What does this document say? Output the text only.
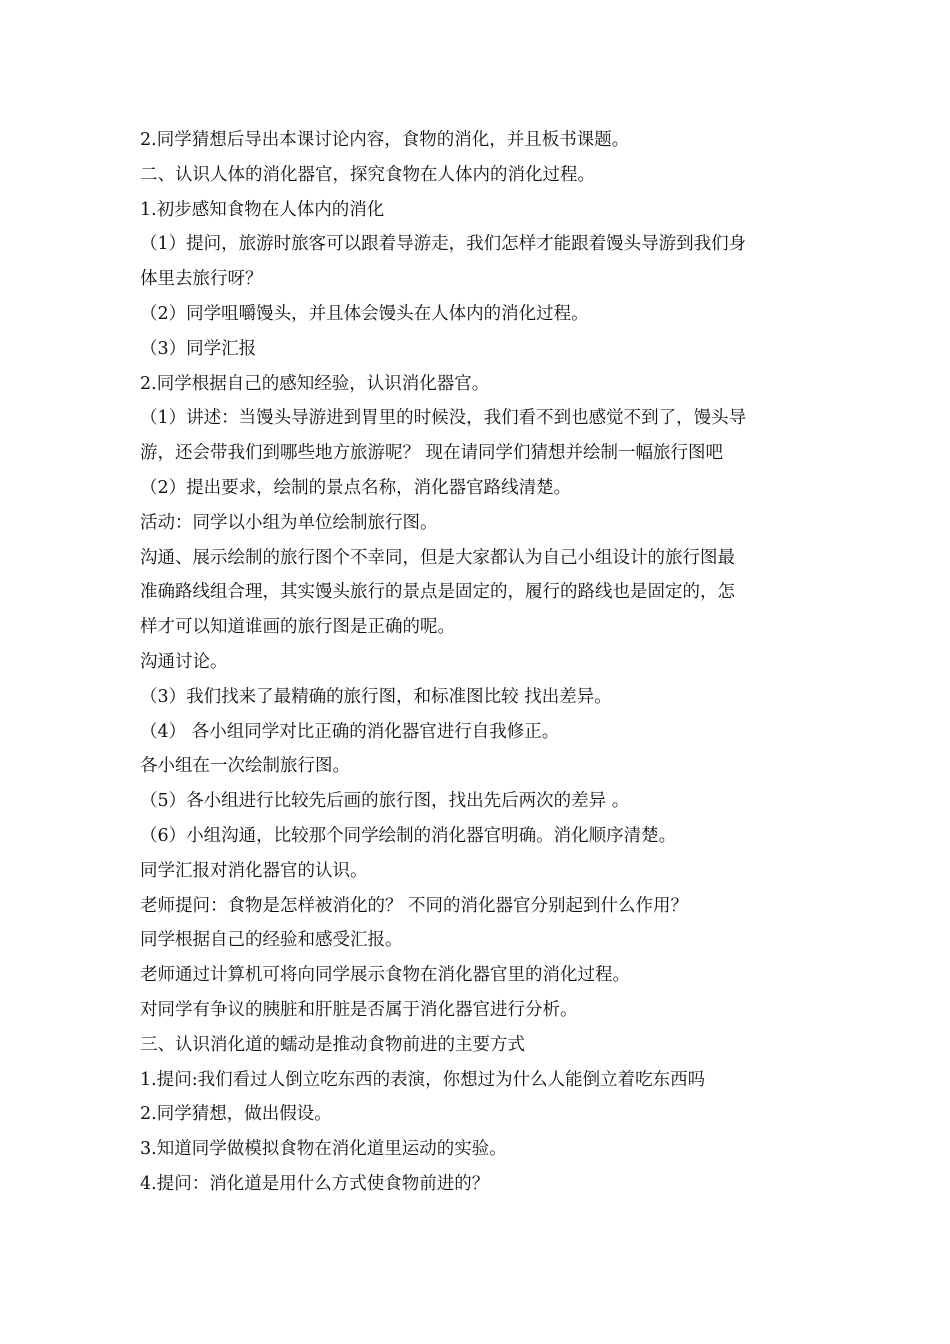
2.同学猜想后导出本课讨论内容，食物的消化，并且板书课题。
二、认识人体的消化器官，探究食物在人体内的消化过程。
1.初步感知食物在人体内的消化
（1）提问，旅游时旅客可以跟着导游走，我们怎样才能跟着馒头导游到我们身
体里去旅行呀？
（2）同学咀嚼馒头，并且体会馒头在人体内的消化过程。
（3）同学汇报
2.同学根据自己的感知经验，认识消化器官。
（1）讲述：当馒头导游进到胃里的时候没，我们看不到也感觉不到了，馒头导
游，还会带我们到哪些地方旅游呢？ 现在请同学们猜想并绘制一幅旅行图吧
（2）提出要求，绘制的景点名称，消化器官路线清楚。
活动：同学以小组为单位绘制旅行图。
沟通、展示绘制的旅行图个不幸同，但是大家都认为自己小组设计的旅行图最
准确路线组合理，其实馒头旅行的景点是固定的，履行的路线也是固定的，怎
样才可以知道谁画的旅行图是正确的呢。
沟通讨论。
（3）我们找来了最精确的旅行图，和标准图比较 找出差异。
（4） 各小组同学对比正确的消化器官进行自我修正。
各小组在一次绘制旅行图。
（5）各小组进行比较先后画的旅行图，找出先后两次的差异 。
（6）小组沟通，比较那个同学绘制的消化器官明确。消化顺序清楚。
同学汇报对消化器官的认识。
老师提问：食物是怎样被消化的？ 不同的消化器官分别起到什么作用？
同学根据自己的经验和感受汇报。
老师通过计算机可将向同学展示食物在消化器官里的消化过程。
对同学有争议的胰脏和肝脏是否属于消化器官进行分析。
三、认识消化道的蠕动是推动食物前进的主要方式
1.提问:我们看过人倒立吃东西的表演，你想过为什么人能倒立着吃东西吗
2.同学猜想，做出假设。
3.知道同学做模拟食物在消化道里运动的实验。
4.提问：消化道是用什么方式使食物前进的？
